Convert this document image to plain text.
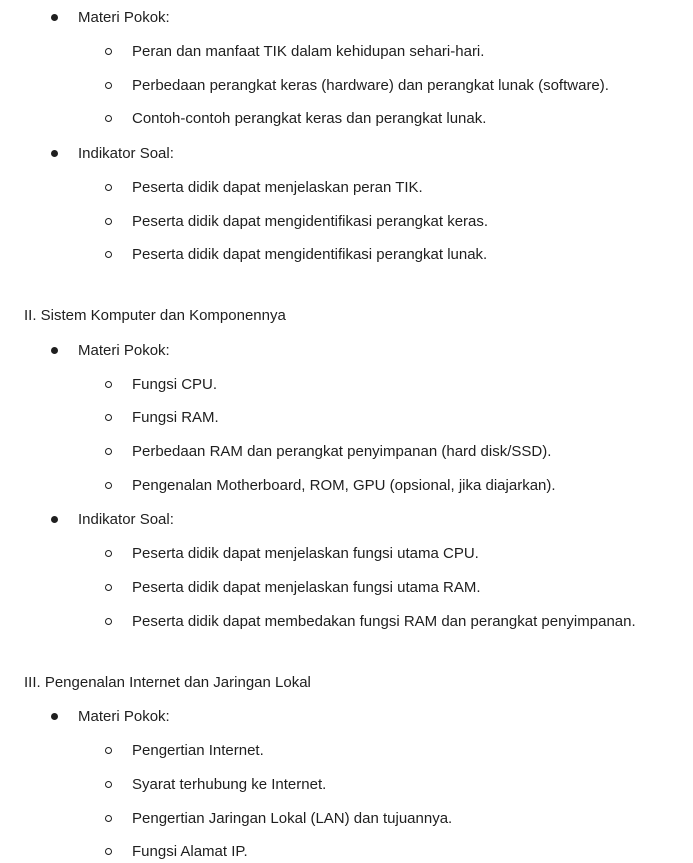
Materi Pokok:
Peran dan manfaat TIK dalam kehidupan sehari-hari.
Perbedaan perangkat keras (hardware) dan perangkat lunak (software).
Contoh-contoh perangkat keras dan perangkat lunak.
Indikator Soal:
Peserta didik dapat menjelaskan peran TIK.
Peserta didik dapat mengidentifikasi perangkat keras.
Peserta didik dapat mengidentifikasi perangkat lunak.
II. Sistem Komputer dan Komponennya
Materi Pokok:
Fungsi CPU.
Fungsi RAM.
Perbedaan RAM dan perangkat penyimpanan (hard disk/SSD).
Pengenalan Motherboard, ROM, GPU (opsional, jika diajarkan).
Indikator Soal:
Peserta didik dapat menjelaskan fungsi utama CPU.
Peserta didik dapat menjelaskan fungsi utama RAM.
Peserta didik dapat membedakan fungsi RAM dan perangkat penyimpanan.
III. Pengenalan Internet dan Jaringan Lokal
Materi Pokok:
Pengertian Internet.
Syarat terhubung ke Internet.
Pengertian Jaringan Lokal (LAN) dan tujuannya.
Fungsi Alamat IP.
